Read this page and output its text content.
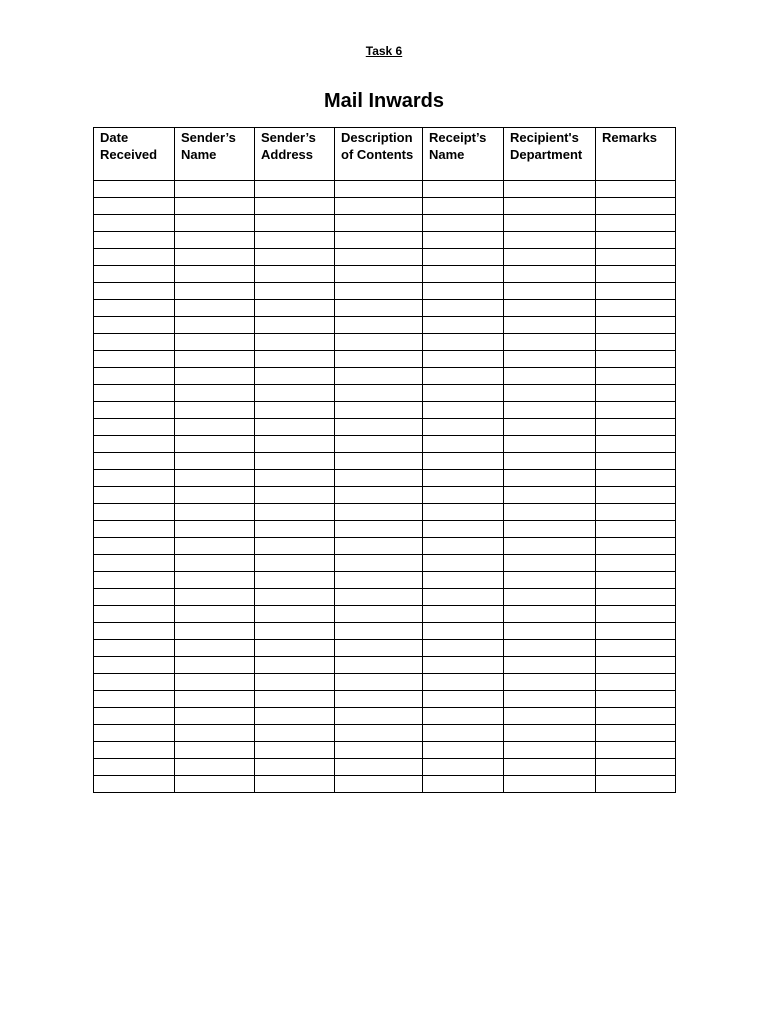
Task 6
Mail Inwards
Date Received	Sender’s Name	Sender’s Address	Description of Contents	Receipt’s Name	Recipient's Department	Remarks
